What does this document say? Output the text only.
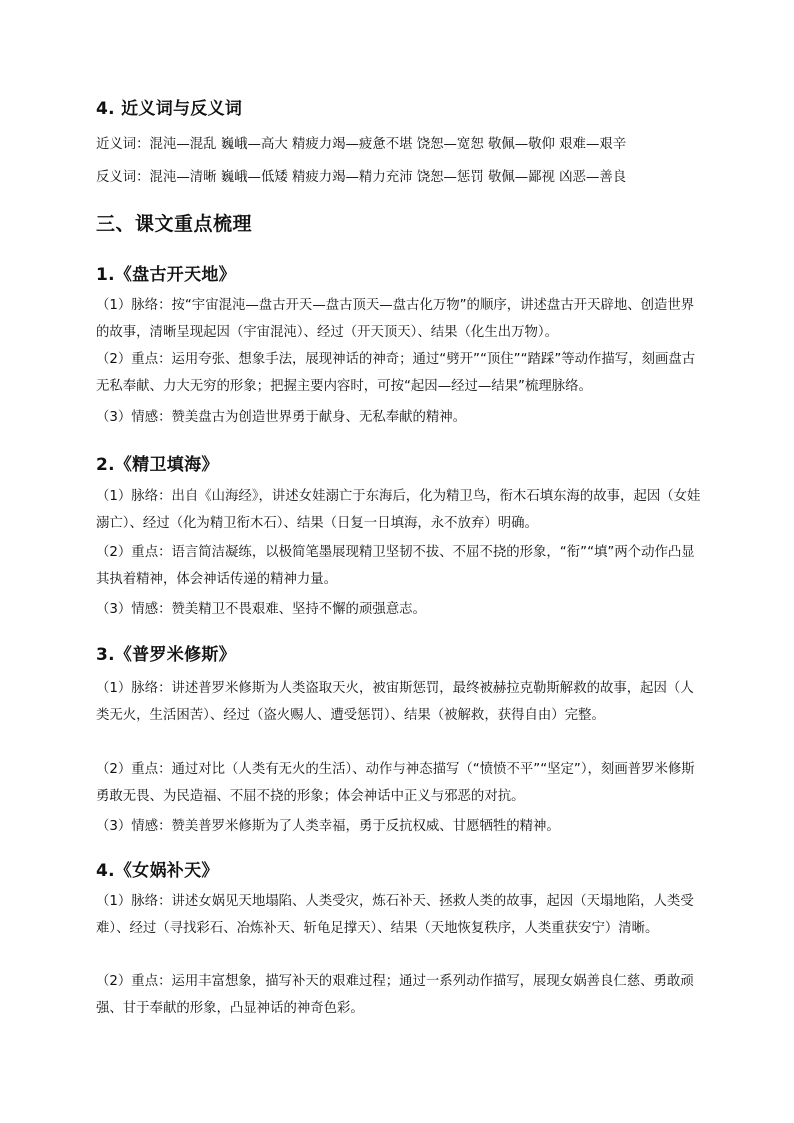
4. 近义词与反义词

近义词：混沌—混乱 巍峨—高大 精疲力竭—疲惫不堪 饶恕—宽恕 敬佩—敬仰 艰难—艰辛

反义词：混沌—清晰 巍峨—低矮 精疲力竭—精力充沛 饶恕—惩罚 敬佩—鄙视 凶恶—善良

三、课文重点梳理
1.《盘古开天地》

（1）脉络：按“宇宙混沌—盘古开天—盘古顶天—盘古化万物”的顺序，讲述盘古开天辟地、创造世界的故事，清晰呈现起因（宇宙混沌）、经过（开天顶天）、结果（化生出万物）。

（2）重点：运用夸张、想象手法，展现神话的神奇；通过“劈开”“顶住”“踏踩”等动作描写，刻画盘古无私奉献、力大无穷的形象；把握主要内容时，可按“起因—经过—结果”梳理脉络。

（3）情感：赞美盘古为创造世界勇于献身、无私奉献的精神。

2.《精卫填海》

（1）脉络：出自《山海经》，讲述女娃溺亡于东海后，化为精卫鸟，衔木石填东海的故事，起因（女娃溺亡）、经过（化为精卫衔木石）、结果（日复一日填海，永不放弃）明确。

（2）重点：语言简洁凝练，以极简笔墨展现精卫坚韧不拔、不屈不挠的形象，“衔”“填”两个动作凸显其执着精神，体会神话传递的精神力量。

（3）情感：赞美精卫不畏艰难、坚持不懈的顽强意志。

3.《普罗米修斯》

（1）脉络：讲述普罗米修斯为人类盗取天火，被宙斯惩罚，最终被赫拉克勒斯解救的故事，起因（人类无火，生活困苦）、经过（盗火赐人、遭受惩罚）、结果（被解救，获得自由）完整。

（2）重点：通过对比（人类有无火的生活）、动作与神态描写（“愤愤不平”“坚定”），刻画普罗米修斯勇敢无畏、为民造福、不屈不挠的形象；体会神话中正义与邪恶的对抗。

（3）情感：赞美普罗米修斯为了人类幸福，勇于反抗权威、甘愿牺牲的精神。

4.《女娲补天》

（1）脉络：讲述女娲见天地塌陷、人类受灾，炼石补天、拯救人类的故事，起因（天塌地陷，人类受难）、经过（寻找彩石、冶炼补天、斩龟足撑天）、结果（天地恢复秩序，人类重获安宁）清晰。

（2）重点：运用丰富想象，描写补天的艰难过程；通过一系列动作描写，展现女娲善良仁慈、勇敢顽强、甘于奉献的形象，凸显神话的神奇色彩。
